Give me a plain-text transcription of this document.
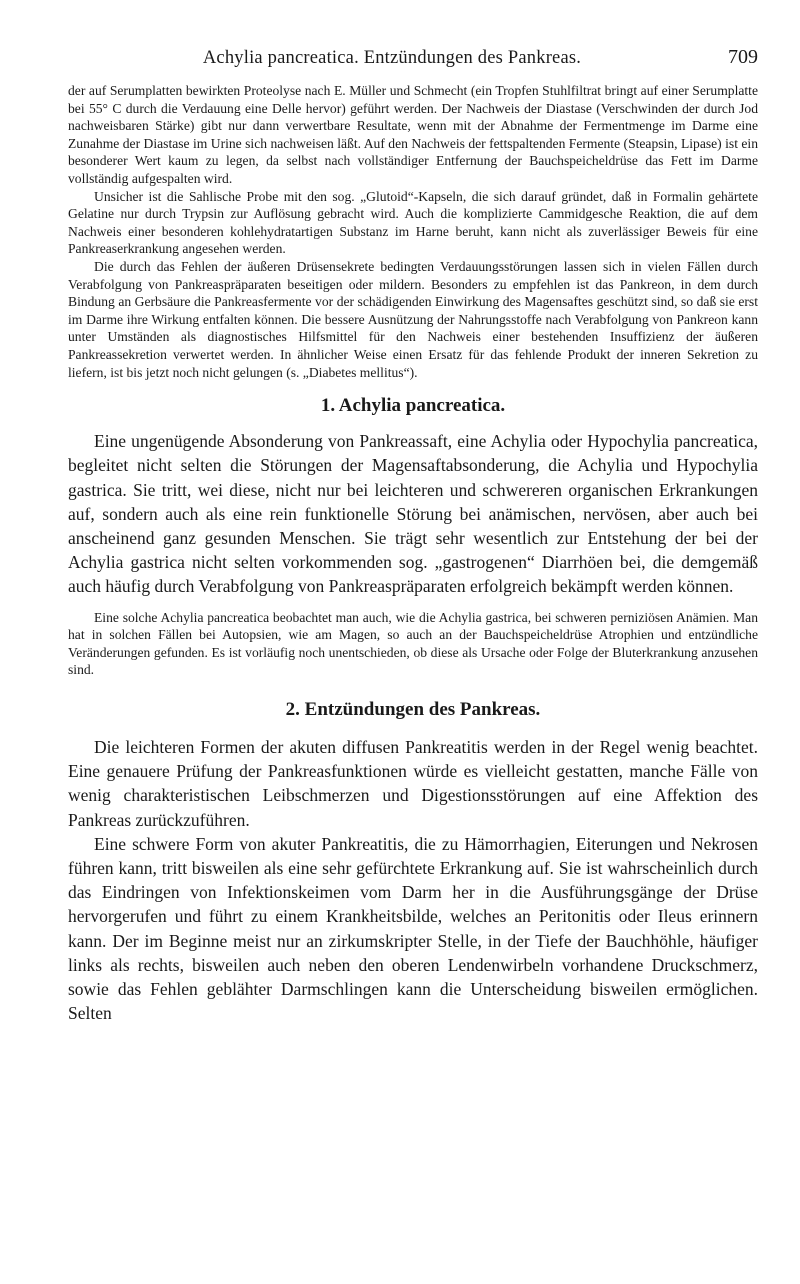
Achylia pancreatica. Entzündungen des Pankreas.	709

der auf Serumplatten bewirkten Proteolyse nach E. Müller und Schmecht (ein Tropfen Stuhlfiltrat bringt auf einer Serumplatte bei 55° C durch die Verdauung eine Delle hervor) geführt werden. Der Nachweis der Diastase (Verschwinden der durch Jod nachweisbaren Stärke) gibt nur dann verwertbare Resultate, wenn mit der Abnahme der Fermentmenge im Darme eine Zunahme der Diastase im Urine sich nachweisen läßt. Auf den Nachweis der fettspaltenden Fermente (Steapsin, Lipase) ist ein besonderer Wert kaum zu legen, da selbst nach vollständiger Entfernung der Bauchspeicheldrüse das Fett im Darme vollständig aufgespalten wird.

Unsicher ist die Sahlische Probe mit den sog. „Glutoid“-Kapseln, die sich darauf gründet, daß in Formalin gehärtete Gelatine nur durch Trypsin zur Auflösung gebracht wird. Auch die komplizierte Cammidgesche Reaktion, die auf dem Nachweis einer besonderen kohlehydratartigen Substanz im Harne beruht, kann nicht als zuverlässiger Beweis für eine Pankreaserkrankung angesehen werden.

Die durch das Fehlen der äußeren Drüsensekrete bedingten Verdauungsstörungen lassen sich in vielen Fällen durch Verabfolgung von Pankreaspräparaten beseitigen oder mildern. Besonders zu empfehlen ist das Pankreon, in dem durch Bindung an Gerbsäure die Pankreasfermente vor der schädigenden Einwirkung des Magensaftes geschützt sind, so daß sie erst im Darme ihre Wirkung entfalten können. Die bessere Ausnützung der Nahrungsstoffe nach Verabfolgung von Pankreon kann unter Umständen als diagnostisches Hilfsmittel für den Nachweis einer bestehenden Insuffizienz der äußeren Pankreassekretion verwertet werden. In ähnlicher Weise einen Ersatz für das fehlende Produkt der inneren Sekretion zu liefern, ist bis jetzt noch nicht gelungen (s. „Diabetes mellitus“).

1. Achylia pancreatica.

Eine ungenügende Absonderung von Pankreassaft, eine Achylia oder Hypochylia pancreatica, begleitet nicht selten die Störungen der Magensaftabsonderung, die Achylia und Hypochylia gastrica. Sie tritt, wei diese, nicht nur bei leichteren und schwereren organischen Erkrankungen auf, sondern auch als eine rein funktionelle Störung bei anämischen, nervösen, aber auch bei anscheinend ganz gesunden Menschen. Sie trägt sehr wesentlich zur Entstehung der bei der Achylia gastrica nicht selten vorkommenden sog. „gastrogenen“ Diarrhöen bei, die demgemäß auch häufig durch Verabfolgung von Pankreaspräparaten erfolgreich bekämpft werden können.

Eine solche Achylia pancreatica beobachtet man auch, wie die Achylia gastrica, bei schweren perniziösen Anämien. Man hat in solchen Fällen bei Autopsien, wie am Magen, so auch an der Bauchspeicheldrüse Atrophien und entzündliche Veränderungen gefunden. Es ist vorläufig noch unentschieden, ob diese als Ursache oder Folge der Bluterkrankung anzusehen sind.

2. Entzündungen des Pankreas.

Die leichteren Formen der akuten diffusen Pankreatitis werden in der Regel wenig beachtet. Eine genauere Prüfung der Pankreasfunktionen würde es vielleicht gestatten, manche Fälle von wenig charakteristischen Leibschmerzen und Digestionsstörungen auf eine Affektion des Pankreas zurückzuführen.

Eine schwere Form von akuter Pankreatitis, die zu Hämorrhagien, Eiterungen und Nekrosen führen kann, tritt bisweilen als eine sehr gefürchtete Erkrankung auf. Sie ist wahrscheinlich durch das Eindringen von Infektionskeimen vom Darm her in die Ausführungsgänge der Drüse hervorgerufen und führt zu einem Krankheitsbilde, welches an Peritonitis oder Ileus erinnern kann. Der im Beginne meist nur an zirkumskripter Stelle, in der Tiefe der Bauchhöhle, häufiger links als rechts, bisweilen auch neben den oberen Lendenwirbeln vorhandene Druckschmerz, sowie das Fehlen geblähter Darmschlingen kann die Unterscheidung bisweilen ermöglichen. Selten
